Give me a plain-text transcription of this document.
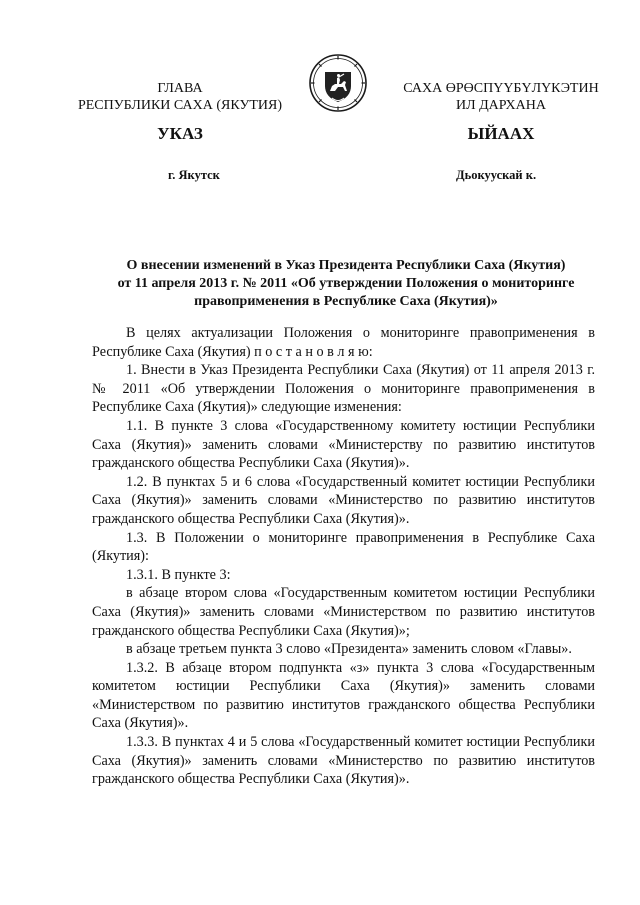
ГЛАВА
РЕСПУБЛИКИ САХА (ЯКУТИЯ)
САХА ӨРӨСПҮҮБҮЛҮКЭТИН
ИЛ ДАРХАНА
УКАЗ	ЫЙААХ
г. Якутск	Дьокуускай к.
О внесении изменений в Указ Президента Республики Саха (Якутия)
от 11 апреля 2013 г. № 2011 «Об утверждении Положения о мониторинге
правоприменения в Республике Саха (Якутия)»

В целях актуализации Положения о мониторинге правоприменения в Республике Саха (Якутия) п о с т а н о в л я ю:

1. Внести в Указ Президента Республики Саха (Якутия) от 11 апреля 2013 г. № 2011 «Об утверждении Положения о мониторинге правоприменения в Республике Саха (Якутия)» следующие изменения:

1.1. В пункте 3 слова «Государственному комитету юстиции Республики Саха (Якутия)» заменить словами «Министерству по развитию институтов гражданского общества Республики Саха (Якутия)».

1.2. В пунктах 5 и 6 слова «Государственный комитет юстиции Республики Саха (Якутия)» заменить словами «Министерство по развитию институтов гражданского общества Республики Саха (Якутия)».

1.3. В Положении о мониторинге правоприменения в Республике Саха (Якутия):

1.3.1. В пункте 3:

в абзаце втором слова «Государственным комитетом юстиции Республики Саха (Якутия)» заменить словами «Министерством по развитию институтов гражданского общества Республики Саха (Якутия)»;

в абзаце третьем пункта 3 слово «Президента» заменить словом «Главы».

1.3.2. В абзаце втором подпункта «з» пункта 3 слова «Государственным комитетом юстиции Республики Саха (Якутия)» заменить словами «Министерством по развитию институтов гражданского общества Республики Саха (Якутия)».

1.3.3. В пунктах 4 и 5 слова «Государственный комитет юстиции Республики Саха (Якутия)» заменить словами «Министерство по развитию институтов гражданского общества Республики Саха (Якутия)».
